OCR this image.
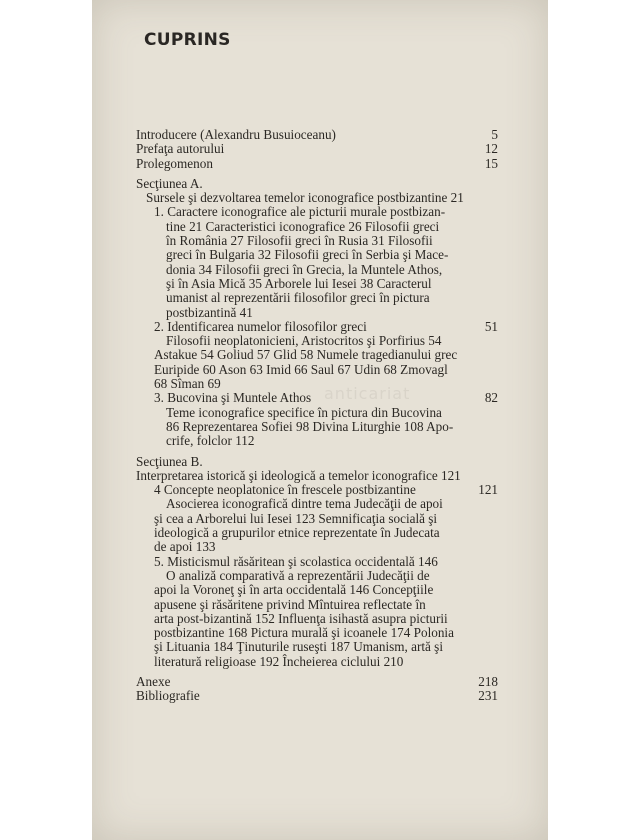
CUPRINS
anticariat
Introducere (Alexandru Busuioceanu)	5
Prefaţa autorului	12
Prolegomenon	15
Secţiunea A.
Sursele şi dezvoltarea temelor iconografice postbizantine 21
1. Caractere iconografice ale picturii murale postbizan-
tine 21 Caracteristici iconografice 26 Filosofii greci
în România 27 Filosofii greci în Rusia 31 Filosofii
greci în Bulgaria 32 Filosofii greci în Serbia şi Mace-
donia 34 Filosofii greci în Grecia, la Muntele Athos,
şi în Asia Mică 35 Arborele lui Iesei 38 Caracterul
umanist al reprezentării filosofilor greci în pictura
postbizantină 41
2. Identificarea numelor filosofilor greci	51
Filosofii neoplatonicieni, Aristocritos şi Porfirius 54
Astakue 54 Goliud 57 Glid 58 Numele tragedianului grec
Euripide 60 Ason 63 Imid 66 Saul 67 Udin 68 Zmovagl
68 Sîman 69
3. Bucovina şi Muntele Athos	82
Teme iconografice specifice în pictura din Bucovina
86 Reprezentarea Sofiei 98 Divina Liturghie 108 Apo-
crife, folclor 112
Secţiunea B.
Interpretarea istorică şi ideologică a temelor iconografice 121
4 Concepte neoplatonice în frescele postbizantine	121
Asocierea iconografică dintre tema Judecăţii de apoi
şi cea a Arborelui lui Iesei 123 Semnificaţia socială şi
ideologică a grupurilor etnice reprezentate în Judecata
de apoi 133
5. Misticismul răsăritean şi scolastica occidentală 146
O analiză comparativă a reprezentării Judecăţii de
apoi la Voroneţ şi în arta occidentală 146 Concepţiile
apusene şi răsăritene privind Mîntuirea reflectate în
arta post-bizantină 152 Influenţa isihastă asupra picturii
postbizantine 168 Pictura murală şi icoanele 174 Polonia
şi Lituania 184 Ţinuturile ruseşti 187 Umanism, artă şi
literatură religioase 192 Încheierea ciclului 210
Anexe	218
Bibliografie	231
